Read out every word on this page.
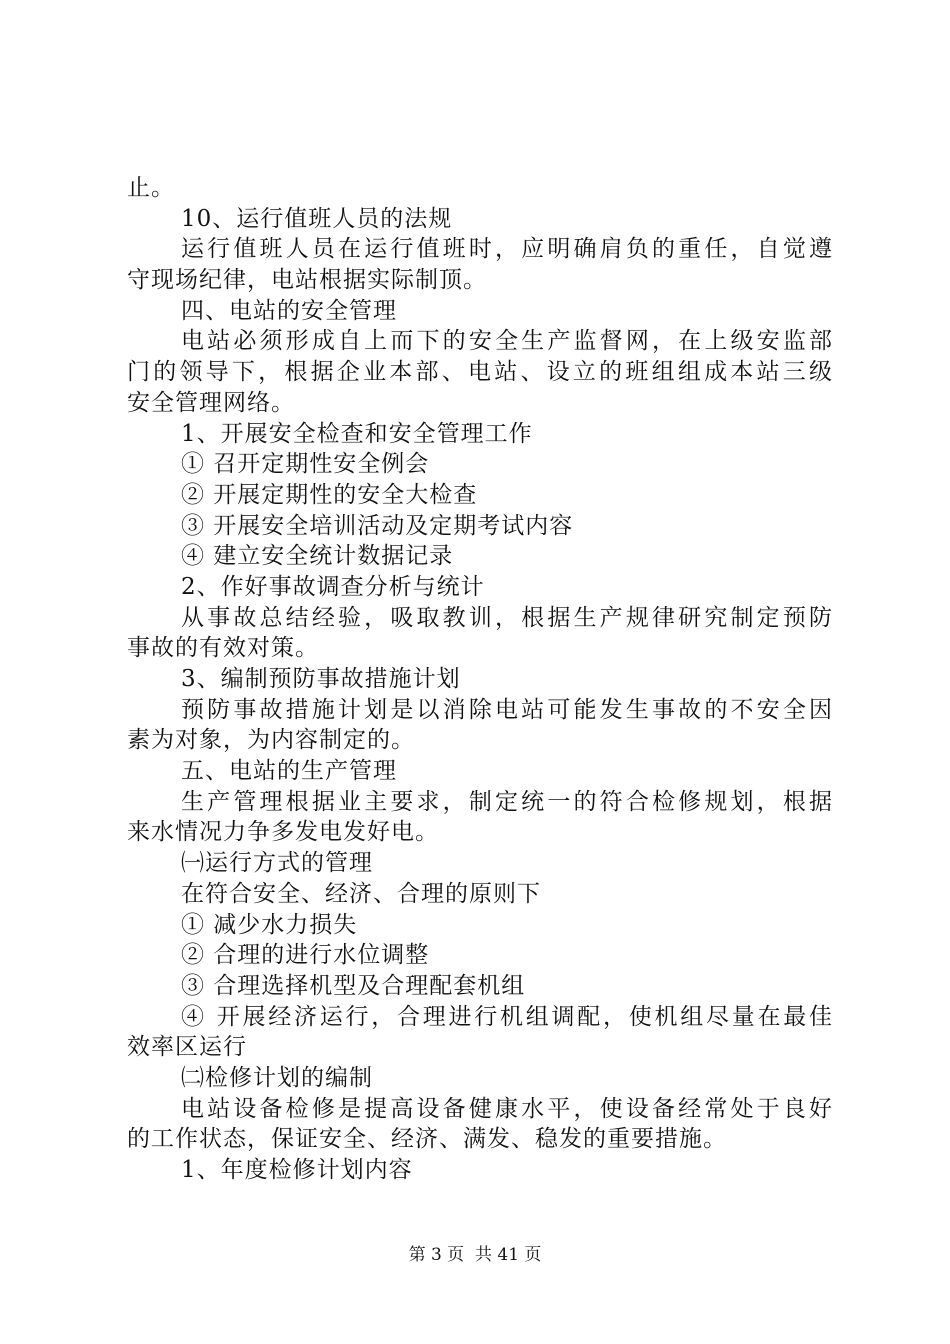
止。
10、运行值班人员的法规
运行值班人员在运行值班时，应明确肩负的重任，自觉遵
守现场纪律，电站根据实际制顶。
四、电站的安全管理
电站必须形成自上而下的安全生产监督网，在上级安监部
门的领导下，根据企业本部、电站、设立的班组组成本站三级
安全管理网络。
1、开展安全检查和安全管理工作
① 召开定期性安全例会
② 开展定期性的安全大检查
③ 开展安全培训活动及定期考试内容
④ 建立安全统计数据记录
2、作好事故调查分析与统计
从事故总结经验，吸取教训，根据生产规律研究制定预防
事故的有效对策。
3、编制预防事故措施计划
预防事故措施计划是以消除电站可能发生事故的不安全因
素为对象，为内容制定的。
五、电站的生产管理
生产管理根据业主要求，制定统一的符合检修规划，根据
来水情况力争多发电发好电。
㈠运行方式的管理
在符合安全、经济、合理的原则下
① 减少水力损失
② 合理的进行水位调整
③ 合理选择机型及合理配套机组
④ 开展经济运行，合理进行机组调配，使机组尽量在最佳
效率区运行
㈡检修计划的编制
电站设备检修是提高设备健康水平，使设备经常处于良好
的工作状态，保证安全、经济、满发、稳发的重要措施。
1、年度检修计划内容
第 3 页  共 41 页
